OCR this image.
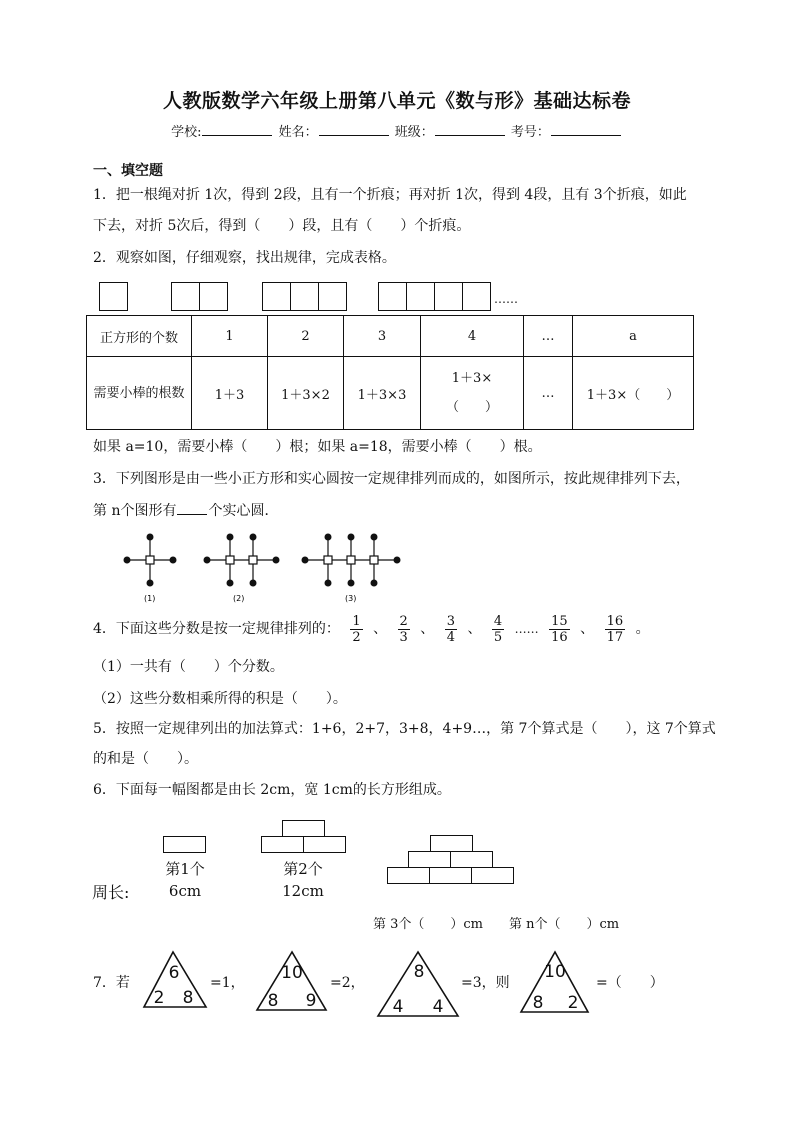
人教版数学六年级上册第八单元《数与形》基础达标卷
学校:	姓名：	班级：	考号：
一、填空题
1．把一根绳对折 1次，得到 2段，且有一个折痕；再对折 1次，得到 4段，且有 3个折痕，如此
下去，对折 5次后，得到（　　）段，且有（　　）个折痕。
2．观察如图，仔细观察，找出规律，完成表格。
……
正方形的个数	1	2	3	4	…	a
需要小棒的根数	1＋3	1＋3×2	1＋3×3	1＋3×
（　　）	…	1＋3×（　　）
如果 a=10，需要小棒（　　）根；如果 a=18，需要小棒（　　）根。
3．下列图形是由一些小正方形和实心圆按一定规律排列而成的，如图所示，按此规律排列下去，
第 n个图形有 个实心圆．
(1)	(2)	(3)
4．下面这些分数是按一定规律排列的： $\frac{1}{2}$ 、 $\frac{2}{3}$ 、 $\frac{3}{4}$ 、 $\frac{4}{5}$ …… $\frac{15}{16}$ 、 $\frac{16}{17}$ 。
（1）一共有（　　）个分数。
（2）这些分数相乘所得的积是（　　）。
5．按照一定规律列出的加法算式：1+6，2+7，3+8，4+9…，第 7个算式是（　　），这 7个算式
的和是（　　）。
6．下面每一幅图都是由长 2cm，宽 1cm的长方形组成。
周长:
第1个
6cm
第2个
12cm
第 3个（　　）cm　　第 n个（　　）cm
7．若 6
2 8
10
8 9
8
4 4
10
8 2
=1，	=2，	=3，则	=（　　）
